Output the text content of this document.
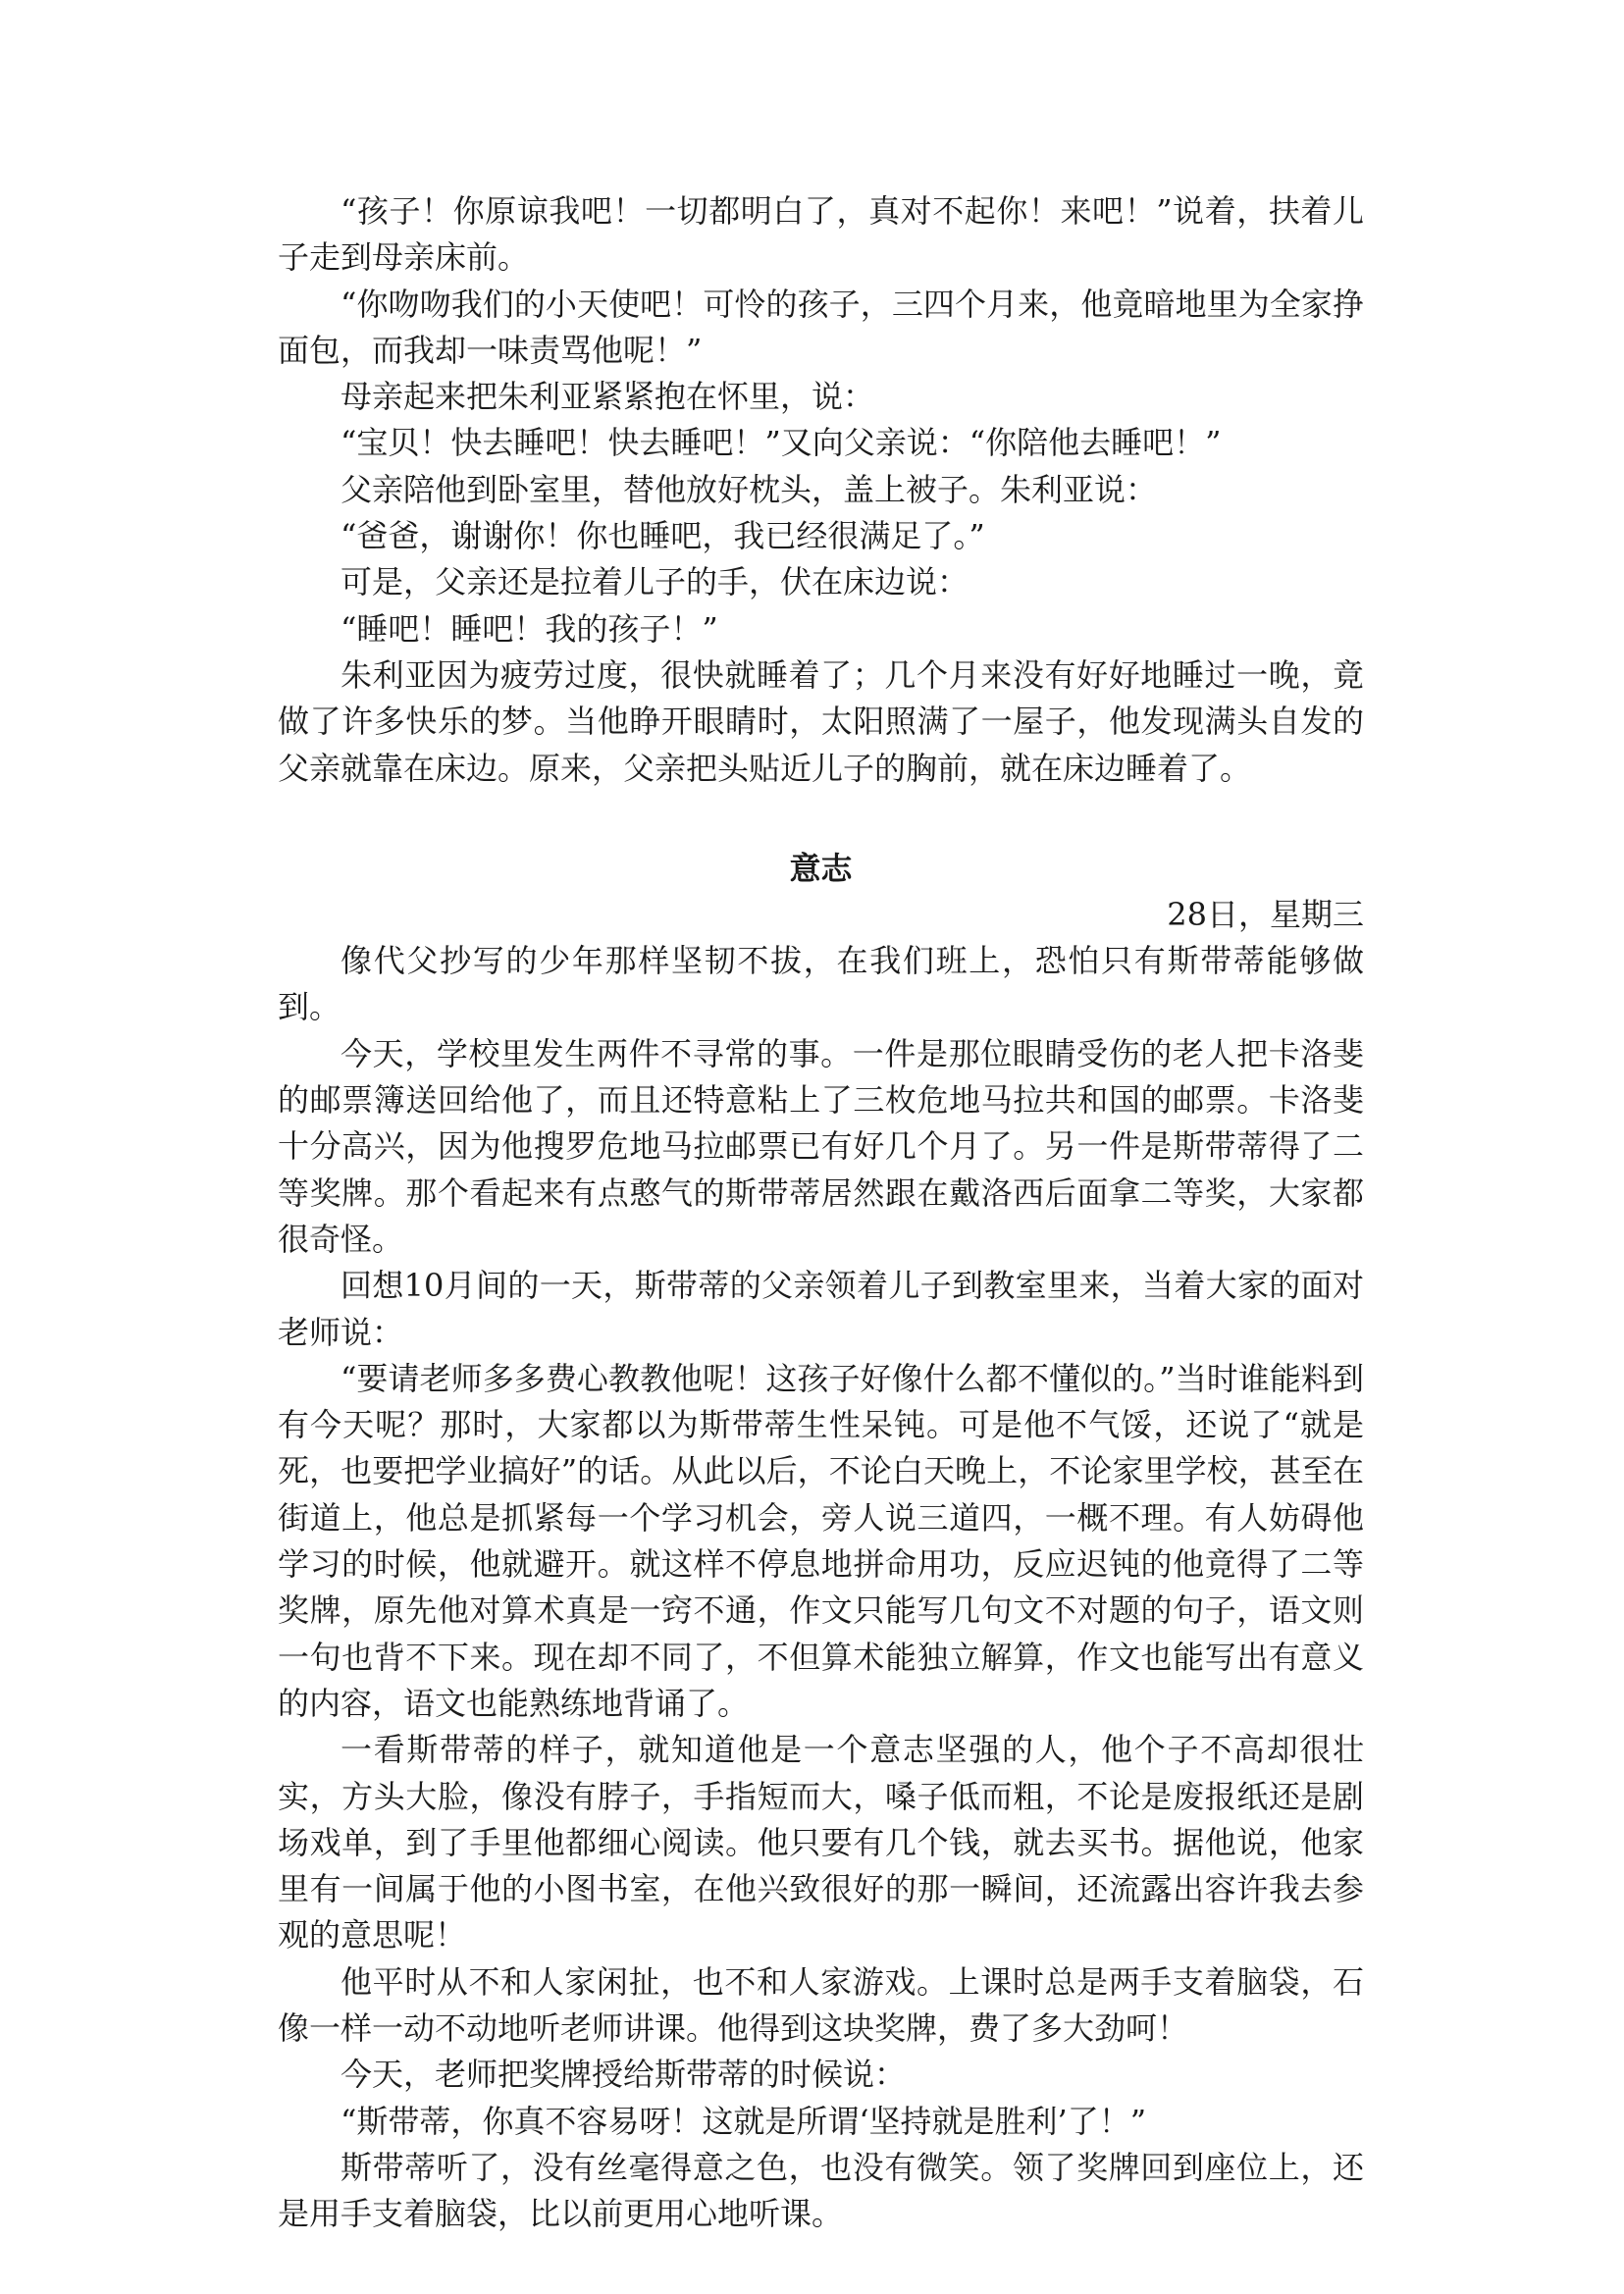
“孩子！你原谅我吧！一切都明白了，真对不起你！来吧！”说着，扶着儿子走到母亲床前。

“你吻吻我们的小天使吧！可怜的孩子，三四个月来，他竟暗地里为全家挣面包，而我却一味责骂他呢！”

母亲起来把朱利亚紧紧抱在怀里，说：

“宝贝！快去睡吧！快去睡吧！”又向父亲说：“你陪他去睡吧！”

父亲陪他到卧室里，替他放好枕头，盖上被子。朱利亚说：

“爸爸，谢谢你！你也睡吧，我已经很满足了。”

可是，父亲还是拉着儿子的手，伏在床边说：

“睡吧！睡吧！我的孩子！”

朱利亚因为疲劳过度，很快就睡着了；几个月来没有好好地睡过一晚，竟做了许多快乐的梦。当他睁开眼睛时，太阳照满了一屋子，他发现满头自发的父亲就靠在床边。原来，父亲把头贴近儿子的胸前，就在床边睡着了。

意志
28日，星期三

像代父抄写的少年那样坚韧不拔，在我们班上，恐怕只有斯带蒂能够做到。

今天，学校里发生两件不寻常的事。一件是那位眼睛受伤的老人把卡洛斐的邮票簿送回给他了，而且还特意粘上了三枚危地马拉共和国的邮票。卡洛斐十分高兴，因为他搜罗危地马拉邮票已有好几个月了。另一件是斯带蒂得了二等奖牌。那个看起来有点憨气的斯带蒂居然跟在戴洛西后面拿二等奖，大家都很奇怪。

回想10月间的一天，斯带蒂的父亲领着儿子到教室里来，当着大家的面对老师说：

“要请老师多多费心教教他呢！这孩子好像什么都不懂似的。”当时谁能料到有今天呢？那时，大家都以为斯带蒂生性呆钝。可是他不气馁，还说了“就是死，也要把学业搞好”的话。从此以后，不论白天晚上，不论家里学校，甚至在街道上，他总是抓紧每一个学习机会，旁人说三道四，一概不理。有人妨碍他学习的时候，他就避开。就这样不停息地拼命用功，反应迟钝的他竟得了二等奖牌，原先他对算术真是一窍不通，作文只能写几句文不对题的句子，语文则一句也背不下来。现在却不同了，不但算术能独立解算，作文也能写出有意义的内容，语文也能熟练地背诵了。

一看斯带蒂的样子，就知道他是一个意志坚强的人，他个子不高却很壮实，方头大脸，像没有脖子，手指短而大，嗓子低而粗，不论是废报纸还是剧场戏单，到了手里他都细心阅读。他只要有几个钱，就去买书。据他说，他家里有一间属于他的小图书室，在他兴致很好的那一瞬间，还流露出容许我去参观的意思呢！

他平时从不和人家闲扯，也不和人家游戏。上课时总是两手支着脑袋，石像一样一动不动地听老师讲课。他得到这块奖牌，费了多大劲呵！

今天，老师把奖牌授给斯带蒂的时候说：

“斯带蒂，你真不容易呀！这就是所谓‘坚持就是胜利’了！”

斯带蒂听了，没有丝毫得意之色，也没有微笑。领了奖牌回到座位上，还是用手支着脑袋，比以前更用心地听课。
